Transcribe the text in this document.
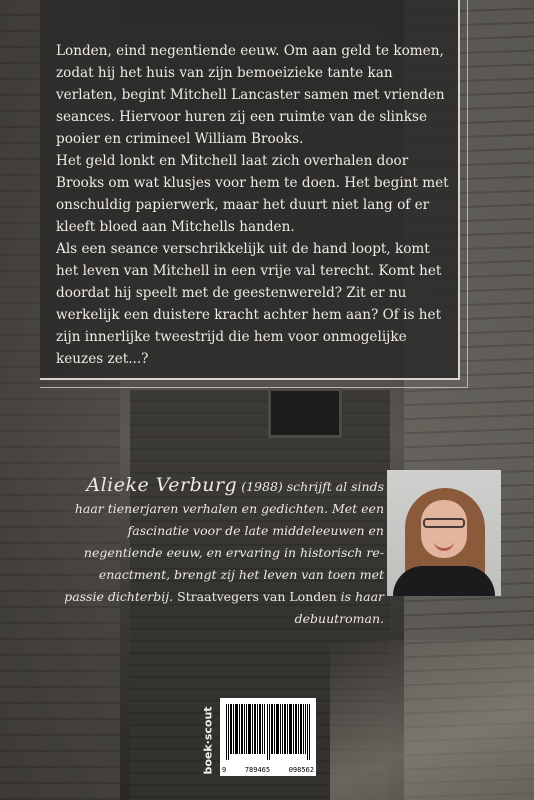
Londen, eind negentiende eeuw. Om aan geld te komen, zodat hij het huis van zijn bemoeizieke tante kan verlaten, begint Mitchell Lancaster samen met vrienden seances. Hiervoor huren zij een ruimte van de slinkse pooier en crimineel William Brooks.

Het geld lonkt en Mitchell laat zich overhalen door Brooks om wat klusjes voor hem te doen. Het begint met onschuldig papierwerk, maar het duurt niet lang of er kleeft bloed aan Mitchells handen.

Als een seance verschrikkelijk uit de hand loopt, komt het leven van Mitchell in een vrije val terecht. Komt het doordat hij speelt met de geestenwereld? Zit er nu werkelijk een duistere kracht achter hem aan? Of is het zijn innerlijke tweestrijd die hem voor onmogelijke keuzes zet...?

Alieke Verburg (1988) schrijft al sinds haar tienerjaren verhalen en gedichten. Met een fascinatie voor de late middeleeuwen en negentiende eeuw, en ervaring in historisch re-enactment, brengt zij het leven van toen met passie dichterbij. Straatvegers van Londen is haar debuutroman.
boek·scout 9	789465	098562
